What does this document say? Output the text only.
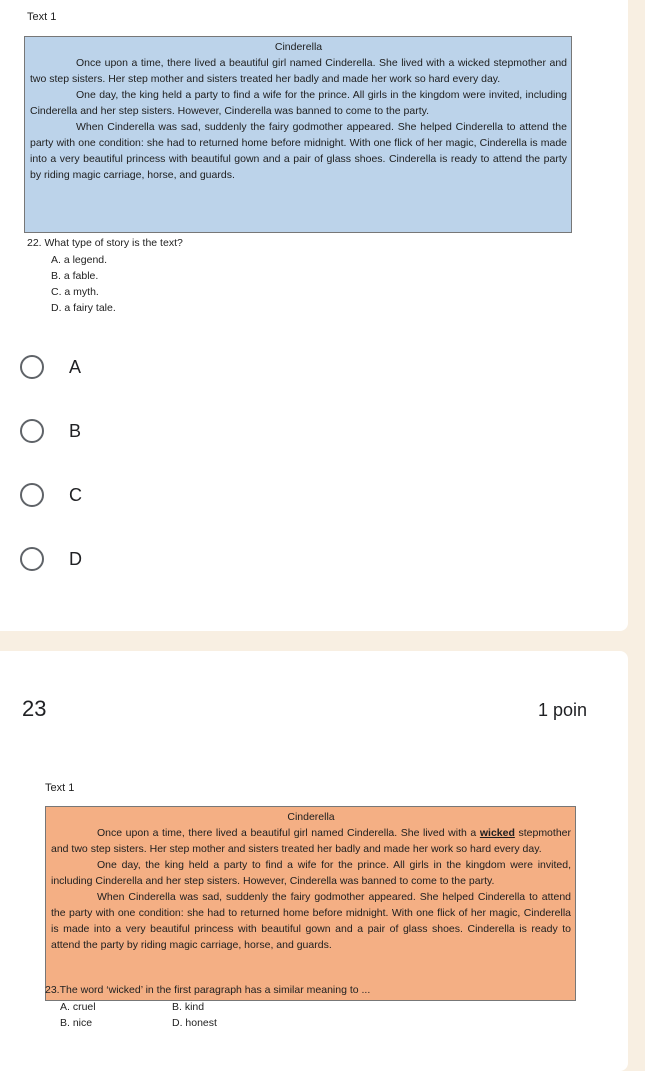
Text 1
Cinderella

Once upon a time, there lived a beautiful girl named Cinderella. She lived with a wicked stepmother and two step sisters. Her step mother and sisters treated her badly and made her work so hard every day.

One day, the king held a party to find a wife for the prince. All girls in the kingdom were invited, including Cinderella and her step sisters. However, Cinderella was banned to come to the party.

When Cinderella was sad, suddenly the fairy godmother appeared. She helped Cinderella to attend the party with one condition: she had to returned home before midnight. With one flick of her magic, Cinderella is made into a very beautiful princess with beautiful gown and a pair of glass shoes. Cinderella is ready to attend the party by riding magic carriage, horse, and guards.

22. What type of story is the text?
A. a legend.
B. a fable.
C. a myth.
D. a fairy tale.
A
B
C
D
23	1 poin
Text 1
Cinderella

Once upon a time, there lived a beautiful girl named Cinderella. She lived with a wicked stepmother and two step sisters. Her step mother and sisters treated her badly and made her work so hard every day.

One day, the king held a party to find a wife for the prince. All girls in the kingdom were invited, including Cinderella and her step sisters. However, Cinderella was banned to come to the party.

When Cinderella was sad, suddenly the fairy godmother appeared. She helped Cinderella to attend the party with one condition: she had to returned home before midnight. With one flick of her magic, Cinderella is made into a very beautiful princess with beautiful gown and a pair of glass shoes. Cinderella is ready to attend the party by riding magic carriage, horse, and guards.

23.The word ‘wicked’ in the first paragraph has a similar meaning to ...
A. cruel	B. kind
B. nice	D. honest
